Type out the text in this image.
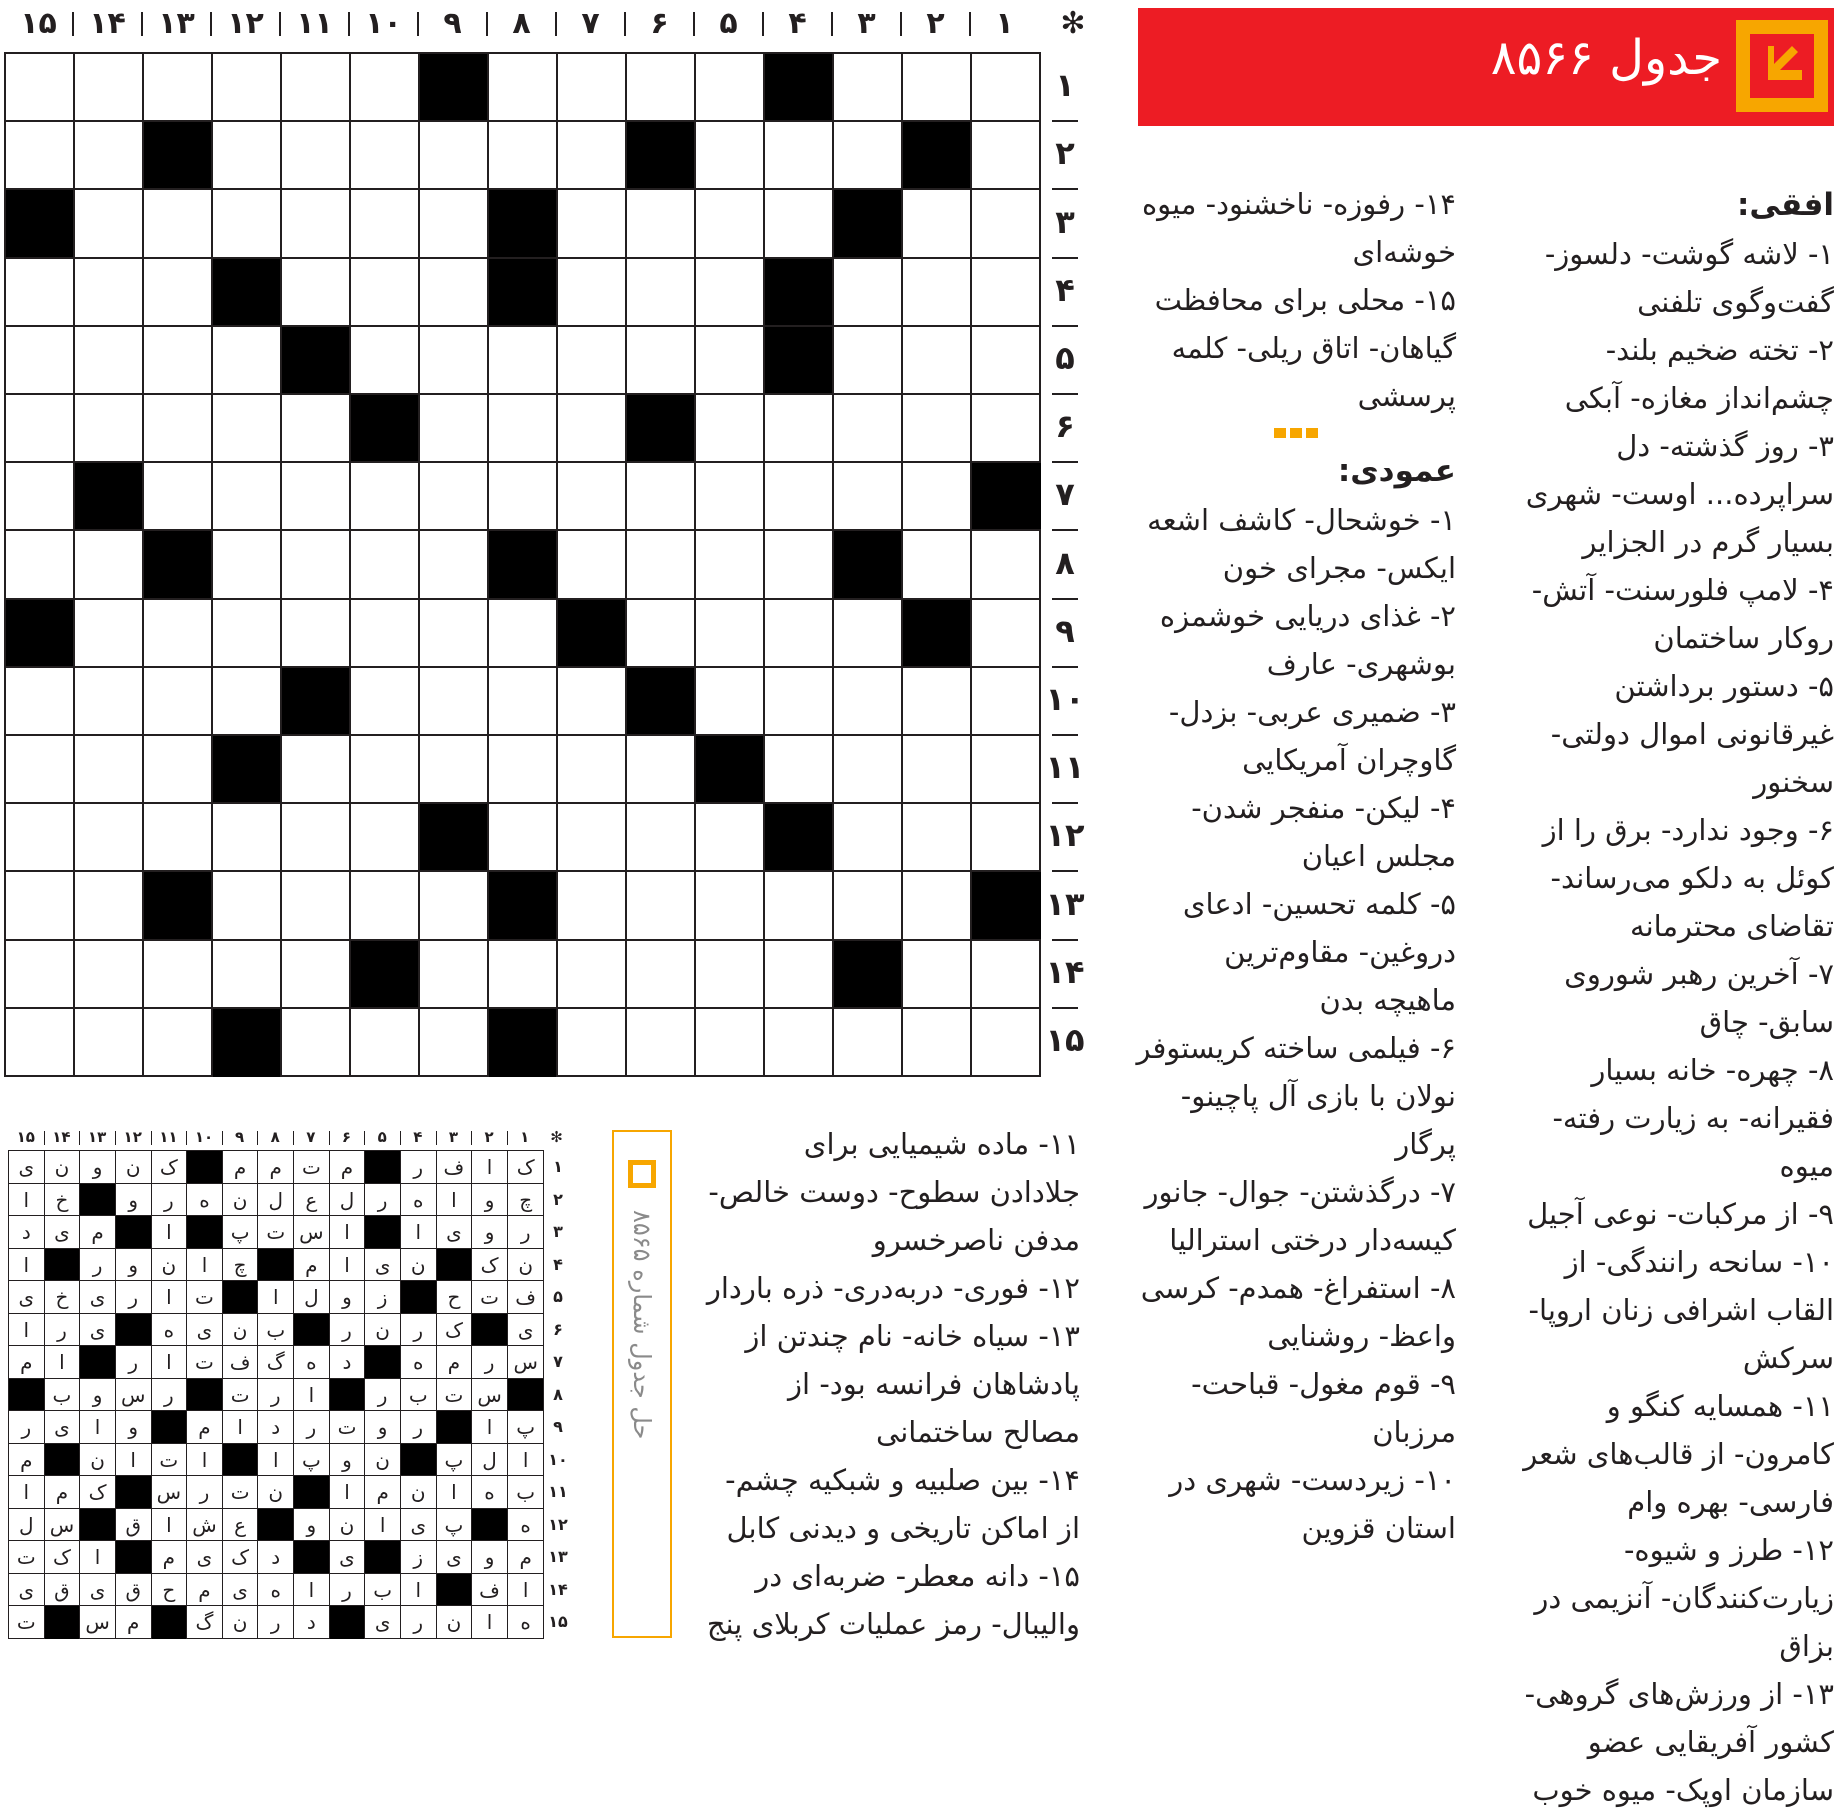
۱
۲
۳
۴
۵
۶
۷
۸
۹
۱۰
۱۱
۱۲
۱۳
۱۴
۱۵	✻
۱
۲
۳
۴
۵
۶
۷
۸
۹
۱۰
۱۱
۱۲
۱۳
۱۴
۱۵
جدول ۸۵۶۶
افقی:

۱- لاشه گوشت- دلسوز- گفت‌وگوی تلفنی

۲- تخته ضخیم بلند- چشم‌انداز مغازه- آبکی

۳- روز گذشته- دل سراپرده... اوست- شهری بسیار گرم در الجزایر

۴- لامپ فلورسنت- آتش- روکار ساختمان

۵- دستور برداشتن غیرقانونی اموال دولتی- سخنور

۶- وجود ندارد- برق را از کوئل به دلکو می‌رساند- تقاضای محترمانه

۷- آخرین رهبر شوروی سابق- چاق

۸- چهره- خانه بسیار فقیرانه- به زیارت رفته- میوه

۹- از مرکبات- نوعی آجیل

۱۰- سانحه رانندگی- از القاب اشرافی زنان اروپا- سرکش

۱۱- همسایه کنگو و کامرون- از قالب‌های شعر فارسی- بهره وام

۱۲- طرز و شیوه- زیارت‌کنندگان- آنزیمی در بزاق

۱۳- از ورزش‌های گروهی- کشور آفریقایی عضو سازمان اوپک- میوه خوب

۱۴- رفوزه- ناخشنود- میوه خوشه‌ای

۱۵- محلی برای محافظت گیاهان- اتاق ریلی- کلمه پرسشی

عمودی:

۱- خوشحال- کاشف اشعه ایکس- مجرای خون

۲- غذای دریایی خوشمزه بوشهری- عارف

۳- ضمیری عربی- بزدل- گاوچران آمریکایی

۴- لیکن- منفجر شدن- مجلس اعیان

۵- کلمه تحسین- ادعای دروغین- مقاوم‌ترین ماهیچه بدن

۶- فیلمی ساخته کریستوفر نولان با بازی آل پاچینو- پرگار

۷- درگذشتن- جوال- جانور کیسه‌دار درختی استرالیا

۸- استفراغ- همدم- کرسی واعظ- روشنایی

۹- قوم مغول- قباحت- مرزبان

۱۰- زیردست- شهری در استان قزوین

۱۱- ماده شیمیایی برای جلادادن سطوح- دوست خالص- مدفن ناصرخسرو

۱۲- فوری- دربه‌دری- ذره باردار

۱۳- سیاه خانه- نام چندتن از پادشاهان فرانسه بود- از مصالح ساختمانی

۱۴- بین صلبیه و شبکیه چشم- از اماکن تاریخی و دیدنی کابل

۱۵- دانه معطر- ضربه‌ای در والیبال- رمز عملیات کربلای پنج

حل جدول شماره ۸۵۶۵
۱
۲
۳
۴
۵
۶
۷
۸
۹
۱۰
۱۱
۱۲
۱۳
۱۴
۱۵	✻
ک
ا
ف
ر
م
ت
م
م
ک
ن
و
ن
ی
چ
و
ا
ه
ر
ل
ع
ل
ن
ه
ر
و
خ
ا
ر
و
ی
ا
ا
س
ت
پ
ا
م
ی
د
ن
ک
ن
ی
ا
م
چ
ا
ن
و
ر
ا
ف
ت
ح
ز
و
ل
ا
ت
ا
ر
ی
خ
ی
ی
ک
ر
ن
ر
ب
ن
ی
ه
ی
ر
ا
س
ر
م
ه
د
ه
گ
ف
ت
ا
ر
ا
م
س
ت
ب
ر
ا
ر
ت
ر
س
و
ب
پ
ا
ر
و
ت
ر
د
ا
م
و
ا
ی
ر
ا
ل
پ
ن
و
پ
ا
ا
ت
ا
ن
م
ب
ه
ا
ن
م
ا
ن
ت
ر
س
ک
م
ا
ه
پ
ی
ا
ن
و
ع
ش
ا
ق
س
ل
م
و
ی
ز
ی
د
ک
ی
م
ا
ک
ت
ا
ف
ا
ب
ر
ا
ه
ی
م
ح
ق
ی
ق
ی
ه
ا
ن
ر
ی
د
ر
ن
گ
م
س
ت
۱
۲
۳
۴
۵
۶
۷
۸
۹
۱۰
۱۱
۱۲
۱۳
۱۴
۱۵
